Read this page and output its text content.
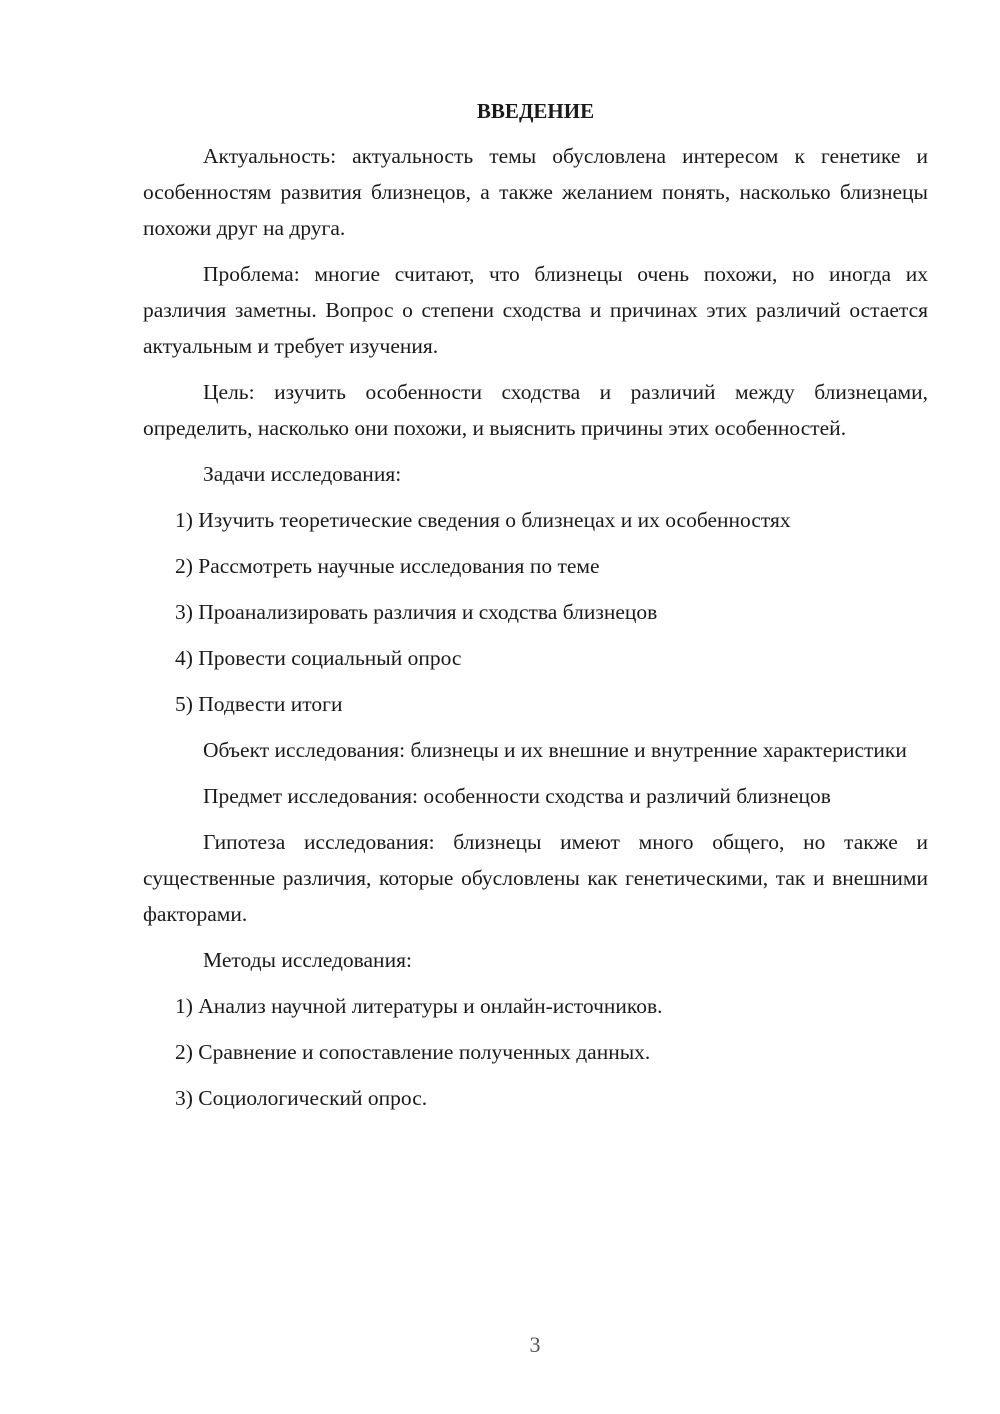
ВВЕДЕНИЕ

Актуальность: актуальность темы обусловлена интересом к генетике и особенностям развития близнецов, а также желанием понять, насколько близнецы похожи друг на друга.

Проблема: многие считают, что близнецы очень похожи, но иногда их различия заметны. Вопрос о степени сходства и причинах этих различий остается актуальным и требует изучения.

Цель: изучить особенности сходства и различий между близнецами, определить, насколько они похожи, и выяснить причины этих особенностей.

Задачи исследования:
1) Изучить теоретические сведения о близнецах и их особенностях
2) Рассмотреть научные исследования по теме
3) Проанализировать различия и сходства близнецов
4) Провести социальный опрос
5) Подвести итоги

Объект исследования: близнецы и их внешние и внутренние характеристики

Предмет исследования: особенности сходства и различий близнецов

Гипотеза исследования: близнецы имеют много общего, но также и существенные различия, которые обусловлены как генетическими, так и внешними факторами.

Методы исследования:
1) Анализ научной литературы и онлайн-источников.
2) Сравнение и сопоставление полученных данных.
3) Социологический опрос.
3
